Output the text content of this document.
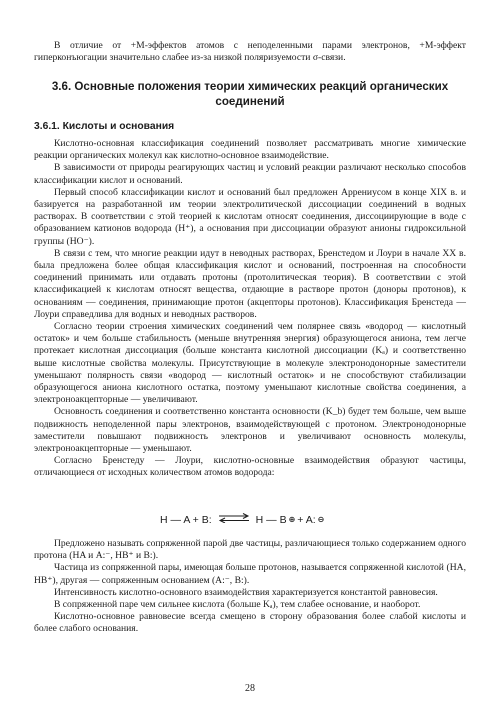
В отличие от +М-эффектов атомов с неподеленными парами электронов, +М-эффект гиперконъюгации значительно слабее из-за низкой поляризуемости σ-связи.

3.6. Основные положения теории химических реакций органических соединений
3.6.1. Кислоты и основания

Кислотно-основная классификация соединений позволяет рассматривать многие химические реакции органических молекул как кислотно-основное взаимодействие.

В зависимости от природы реагирующих частиц и условий реакции различают несколько способов классификации кислот и оснований.

Первый способ классификации кислот и оснований был предложен Аррениусом в конце XIX в. и базируется на разработанной им теории электролитической диссоциации соединений в водных растворах. В соответствии с этой теорией к кислотам относят соединения, диссоциирующие в воде с образованием катионов водорода (H⁺), а основания при диссоциации образуют анионы гидроксильной группы (HO⁻).

В связи с тем, что многие реакции идут в неводных растворах, Бренстедом и Лоури в начале XX в. была предложена более общая классификация кислот и оснований, построенная на способности соединений принимать или отдавать протоны (протолитическая теория). В соответствии с этой классификацией к кислотам относят вещества, отдающие в растворе протон (доноры протонов), к основаниям — соединения, принимающие протон (акцепторы протонов). Классификация Бренстеда — Лоури справедлива для водных и неводных растворов.

Согласно теории строения химических соединений чем полярнее связь «водород — кислотный остаток» и чем больше стабильность (меньше внутренняя энергия) образующегося аниона, тем легче протекает кислотная диссоциация (больше константа кислотной диссоциации (Kₐ) и соответственно выше кислотные свойства молекулы. Присутствующие в молекуле электронодонорные заместители уменьшают полярность связи «водород — кислотный остаток» и не способствуют стабилизации образующегося аниона кислотного остатка, поэтому уменьшают кислотные свойства соединения, а электроноакцепторные — увеличивают.

Основность соединения и соответственно константа основности (K_b) будет тем больше, чем выше подвижность неподеленной пары электронов, взаимодействующей с протоном. Электронодонорные заместители повышают подвижность электронов и увеличивают основность молекулы, электроноакцепторные — уменьшают.

Согласно Бренстеду — Лоури, кислотно-основные взаимодействия образуют частицы, отличающиеся от исходных количеством атомов водорода:

H — A + B: ⇌ H — B ⊕ + A: ⊖

Предложено называть сопряженной парой две частицы, различающиеся только содержанием одного протона (HA и A:⁻, HB⁺ и B:).

Частица из сопряженной пары, имеющая больше протонов, называется сопряженной кислотой (HA, HB⁺), другая — сопряженным основанием (A:⁻, B:).

Интенсивность кислотно-основного взаимодействия характеризуется константой равновесия.

В сопряженной паре чем сильнее кислота (больше Kₐ), тем слабее основание, и наоборот.

Кислотно-основное равновесие всегда смещено в сторону образования более слабой кислоты и более слабого основания.

28
